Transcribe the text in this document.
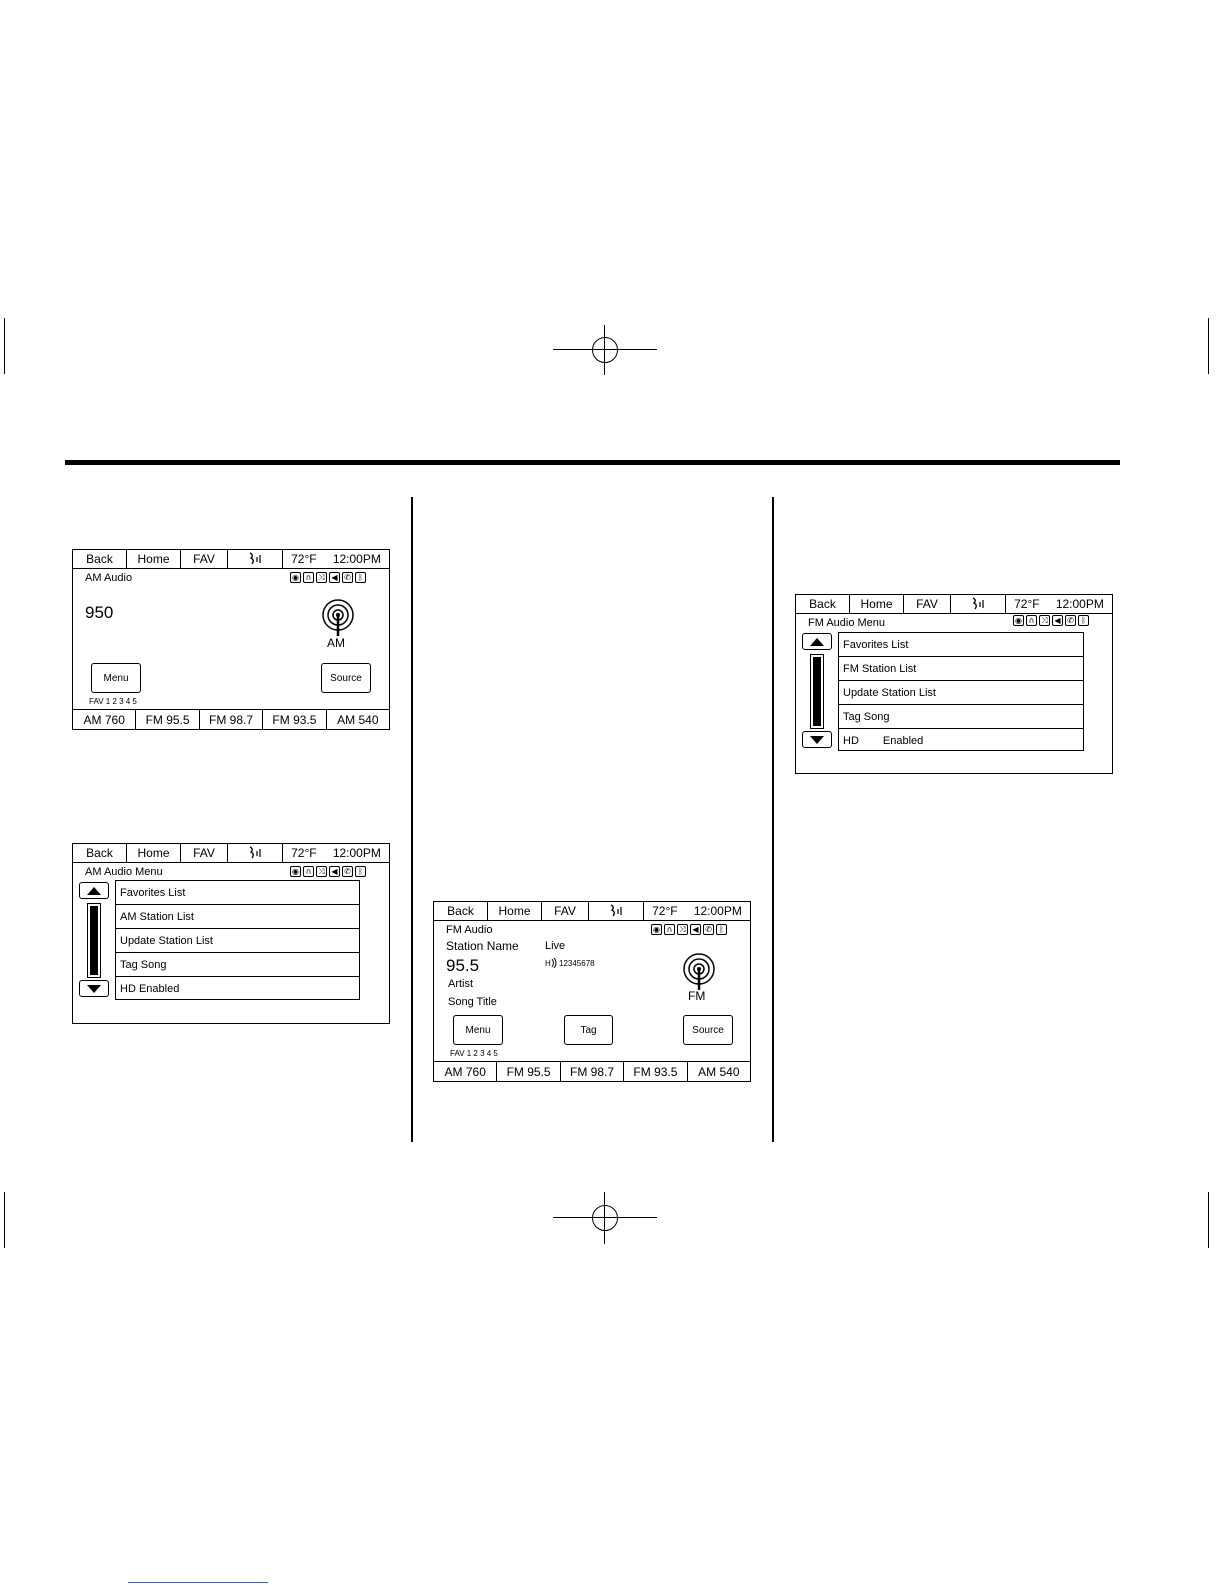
Back	Home	FAV	72°F 12:00PM
AM Audio	◉ ∩ ⤨ ◀ ✆ ᛒ
950
AM
Menu	Source
FAV 1 2 3 4 5
AM 760	FM 95.5	FM 98.7	FM 93.5	AM 540
Back	Home	FAV	72°F 12:00PM
AM Audio Menu	◉ ∩ ⤨ ◀ ✆ ᛒ
Favorites List
AM Station List
Update Station List
Tag Song
HD Enabled
Back	Home	FAV	72°F 12:00PM
FM Audio	◉ ∩ ⤨ ◀ ✆ ᛒ
Station Name Live
95.5	H 12345678
Artist
Song Title	FM
Menu	Tag	Source
FAV 1 2 3 4 5
AM 760	FM 95.5	FM 98.7	FM 93.5	AM 540
Back	Home	FAV	72°F 12:00PM
FM Audio Menu	◉ ∩ ⤨ ◀ ✆ ᛒ
Favorites List
FM Station List
Update Station List
Tag Song
HD Enabled
